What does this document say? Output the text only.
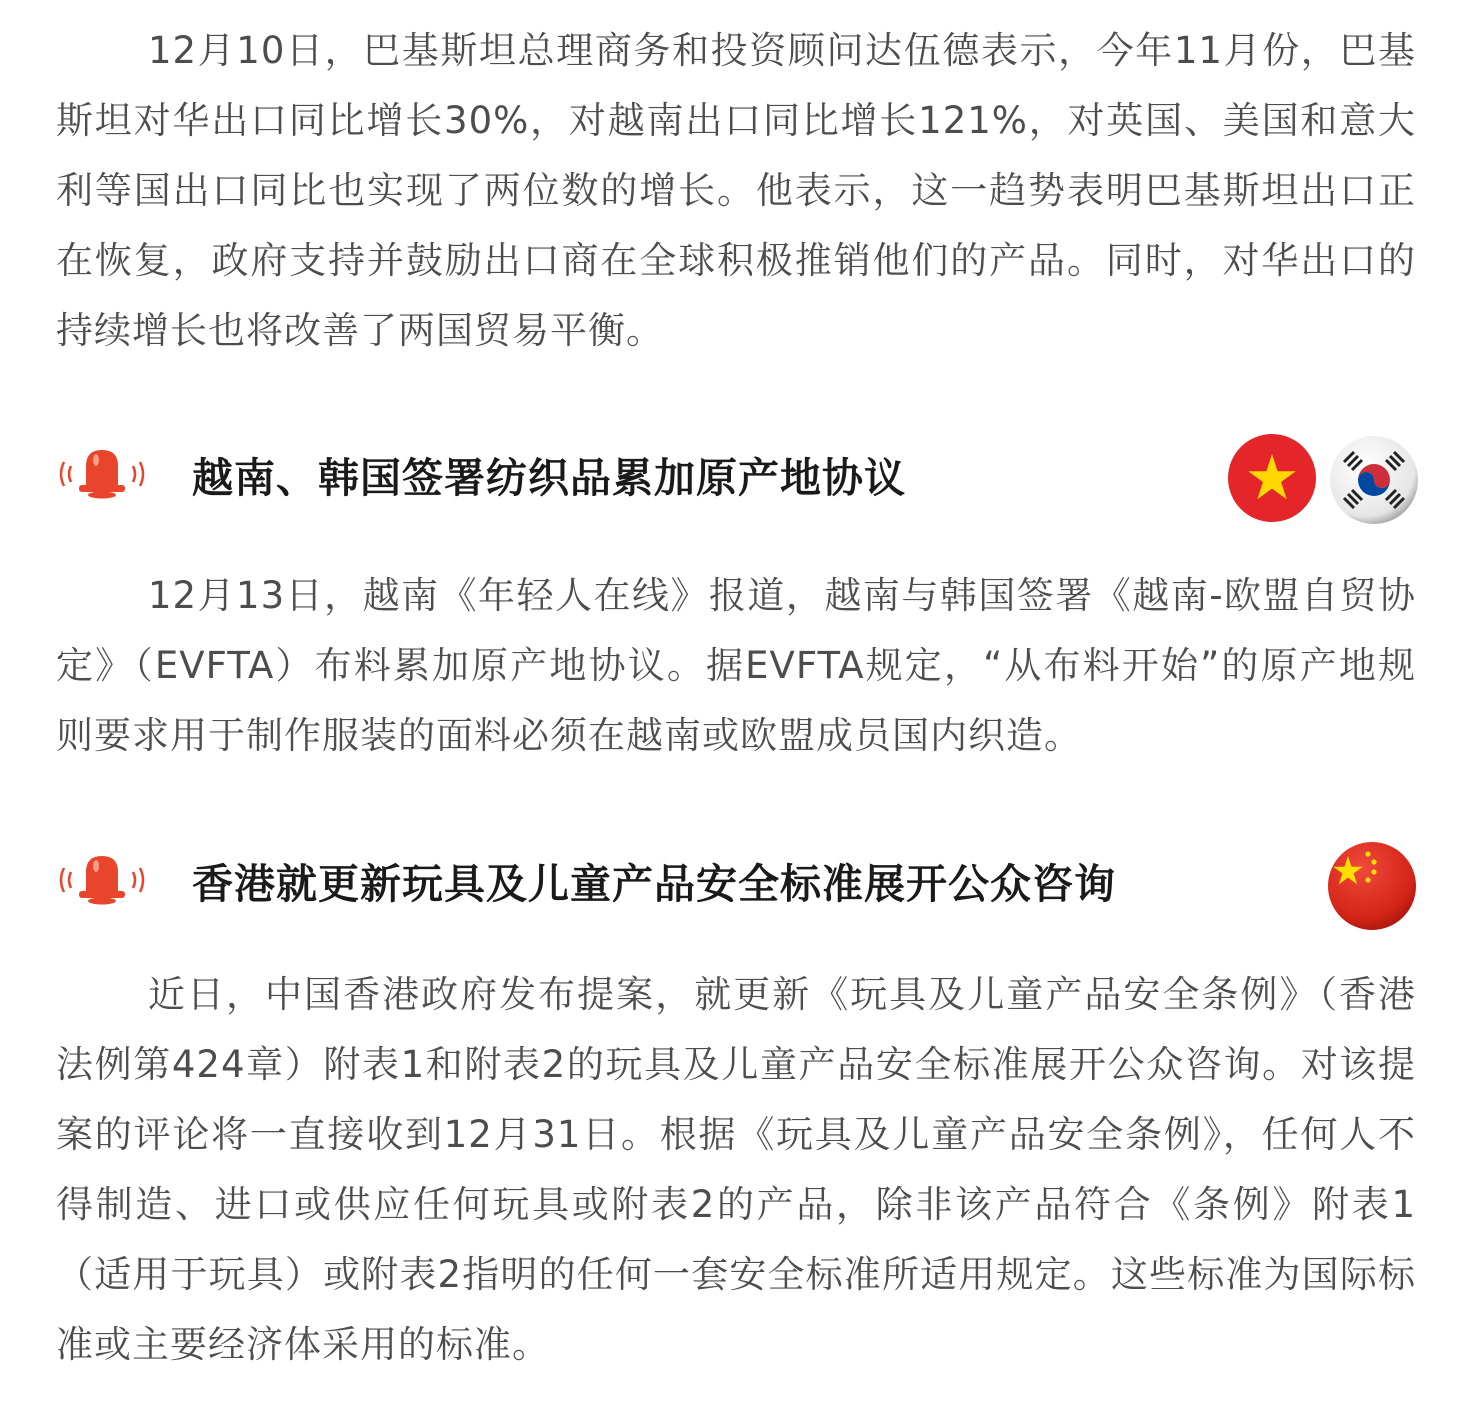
12月10日，巴基斯坦总理商务和投资顾问达伍德表示，今年11月份，巴基斯坦对华出口同比增长30%，对越南出口同比增长121%，对英国、美国和意大利等国出口同比也实现了两位数的增长。他表示，这一趋势表明巴基斯坦出口正在恢复，政府支持并鼓励出口商在全球积极推销他们的产品。同时，对华出口的持续增长也将改善了两国贸易平衡。

越南、韩国签署纺织品累加原产地协议

12月13日，越南《年轻人在线》报道，越南与韩国签署《越南-欧盟自贸协定》（EVFTA）布料累加原产地协议。据EVFTA规定，“从布料开始”的原产地规则要求用于制作服装的面料必须在越南或欧盟成员国内织造。

香港就更新玩具及儿童产品安全标准展开公众咨询

近日，中国香港政府发布提案，就更新《玩具及儿童产品安全条例》（香港法例第424章）附表1和附表2的玩具及儿童产品安全标准展开公众咨询。对该提案的评论将一直接收到12月31日。根据《玩具及儿童产品安全条例》，任何人不得制造、进口或供应任何玩具或附表2的产品，除非该产品符合《条例》附表1（适用于玩具）或附表2指明的任何一套安全标准所适用规定。这些标准为国际标准或主要经济体采用的标准。
